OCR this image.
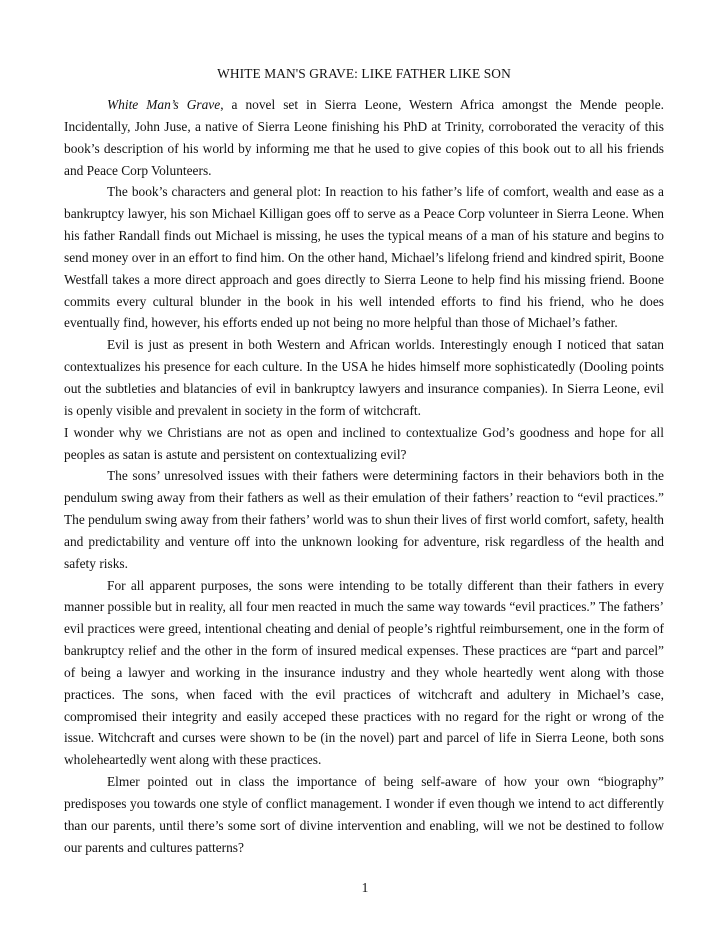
WHITE MAN'S GRAVE: LIKE FATHER LIKE SON

White Man’s Grave, a novel set in Sierra Leone, Western Africa amongst the Mende people. Incidentally, John Juse, a native of Sierra Leone finishing his PhD at Trinity, corroborated the veracity of this book’s description of his world by informing me that he used to give copies of this book out to all his friends and Peace Corp Volunteers.

The book’s characters and general plot: In reaction to his father’s life of comfort, wealth and ease as a bankruptcy lawyer, his son Michael Killigan goes off to serve as a Peace Corp volunteer in Sierra Leone. When his father Randall finds out Michael is missing, he uses the typical means of a man of his stature and begins to send money over in an effort to find him. On the other hand, Michael’s lifelong friend and kindred spirit, Boone Westfall takes a more direct approach and goes directly to Sierra Leone to help find his missing friend. Boone commits every cultural blunder in the book in his well intended efforts to find his friend, who he does eventually find, however, his efforts ended up not being no more helpful than those of Michael’s father.

Evil is just as present in both Western and African worlds. Interestingly enough I noticed that satan contextualizes his presence for each culture. In the USA he hides himself more sophisticatedly (Dooling points out the subtleties and blatancies of evil in bankruptcy lawyers and insurance companies). In Sierra Leone, evil is openly visible and prevalent in society in the form of witchcraft.

I wonder why we Christians are not as open and inclined to contextualize God’s goodness and hope for all peoples as satan is astute and persistent on contextualizing evil?

The sons’ unresolved issues with their fathers were determining factors in their behaviors both in the pendulum swing away from their fathers as well as their emulation of their fathers’ reaction to “evil practices.” The pendulum swing away from their fathers’ world was to shun their lives of first world comfort, safety, health and predictability and venture off into the unknown looking for adventure, risk regardless of the health and safety risks.

For all apparent purposes, the sons were intending to be totally different than their fathers in every manner possible but in reality, all four men reacted in much the same way towards “evil practices.” The fathers’ evil practices were greed, intentional cheating and denial of people’s rightful reimbursement, one in the form of bankruptcy relief and the other in the form of insured medical expenses. These practices are “part and parcel” of being a lawyer and working in the insurance industry and they whole heartedly went along with those practices. The sons, when faced with the evil practices of witchcraft and adultery in Michael’s case, compromised their integrity and easily acceped these practices with no regard for the right or wrong of the issue. Witchcraft and curses were shown to be (in the novel) part and parcel of life in Sierra Leone, both sons wholeheartedly went along with these practices.

Elmer pointed out in class the importance of being self-aware of how your own “biography” predisposes you towards one style of conflict management. I wonder if even though we intend to act differently than our parents, until there’s some sort of divine intervention and enabling, will we not be destined to follow our parents and cultures patterns?

1
